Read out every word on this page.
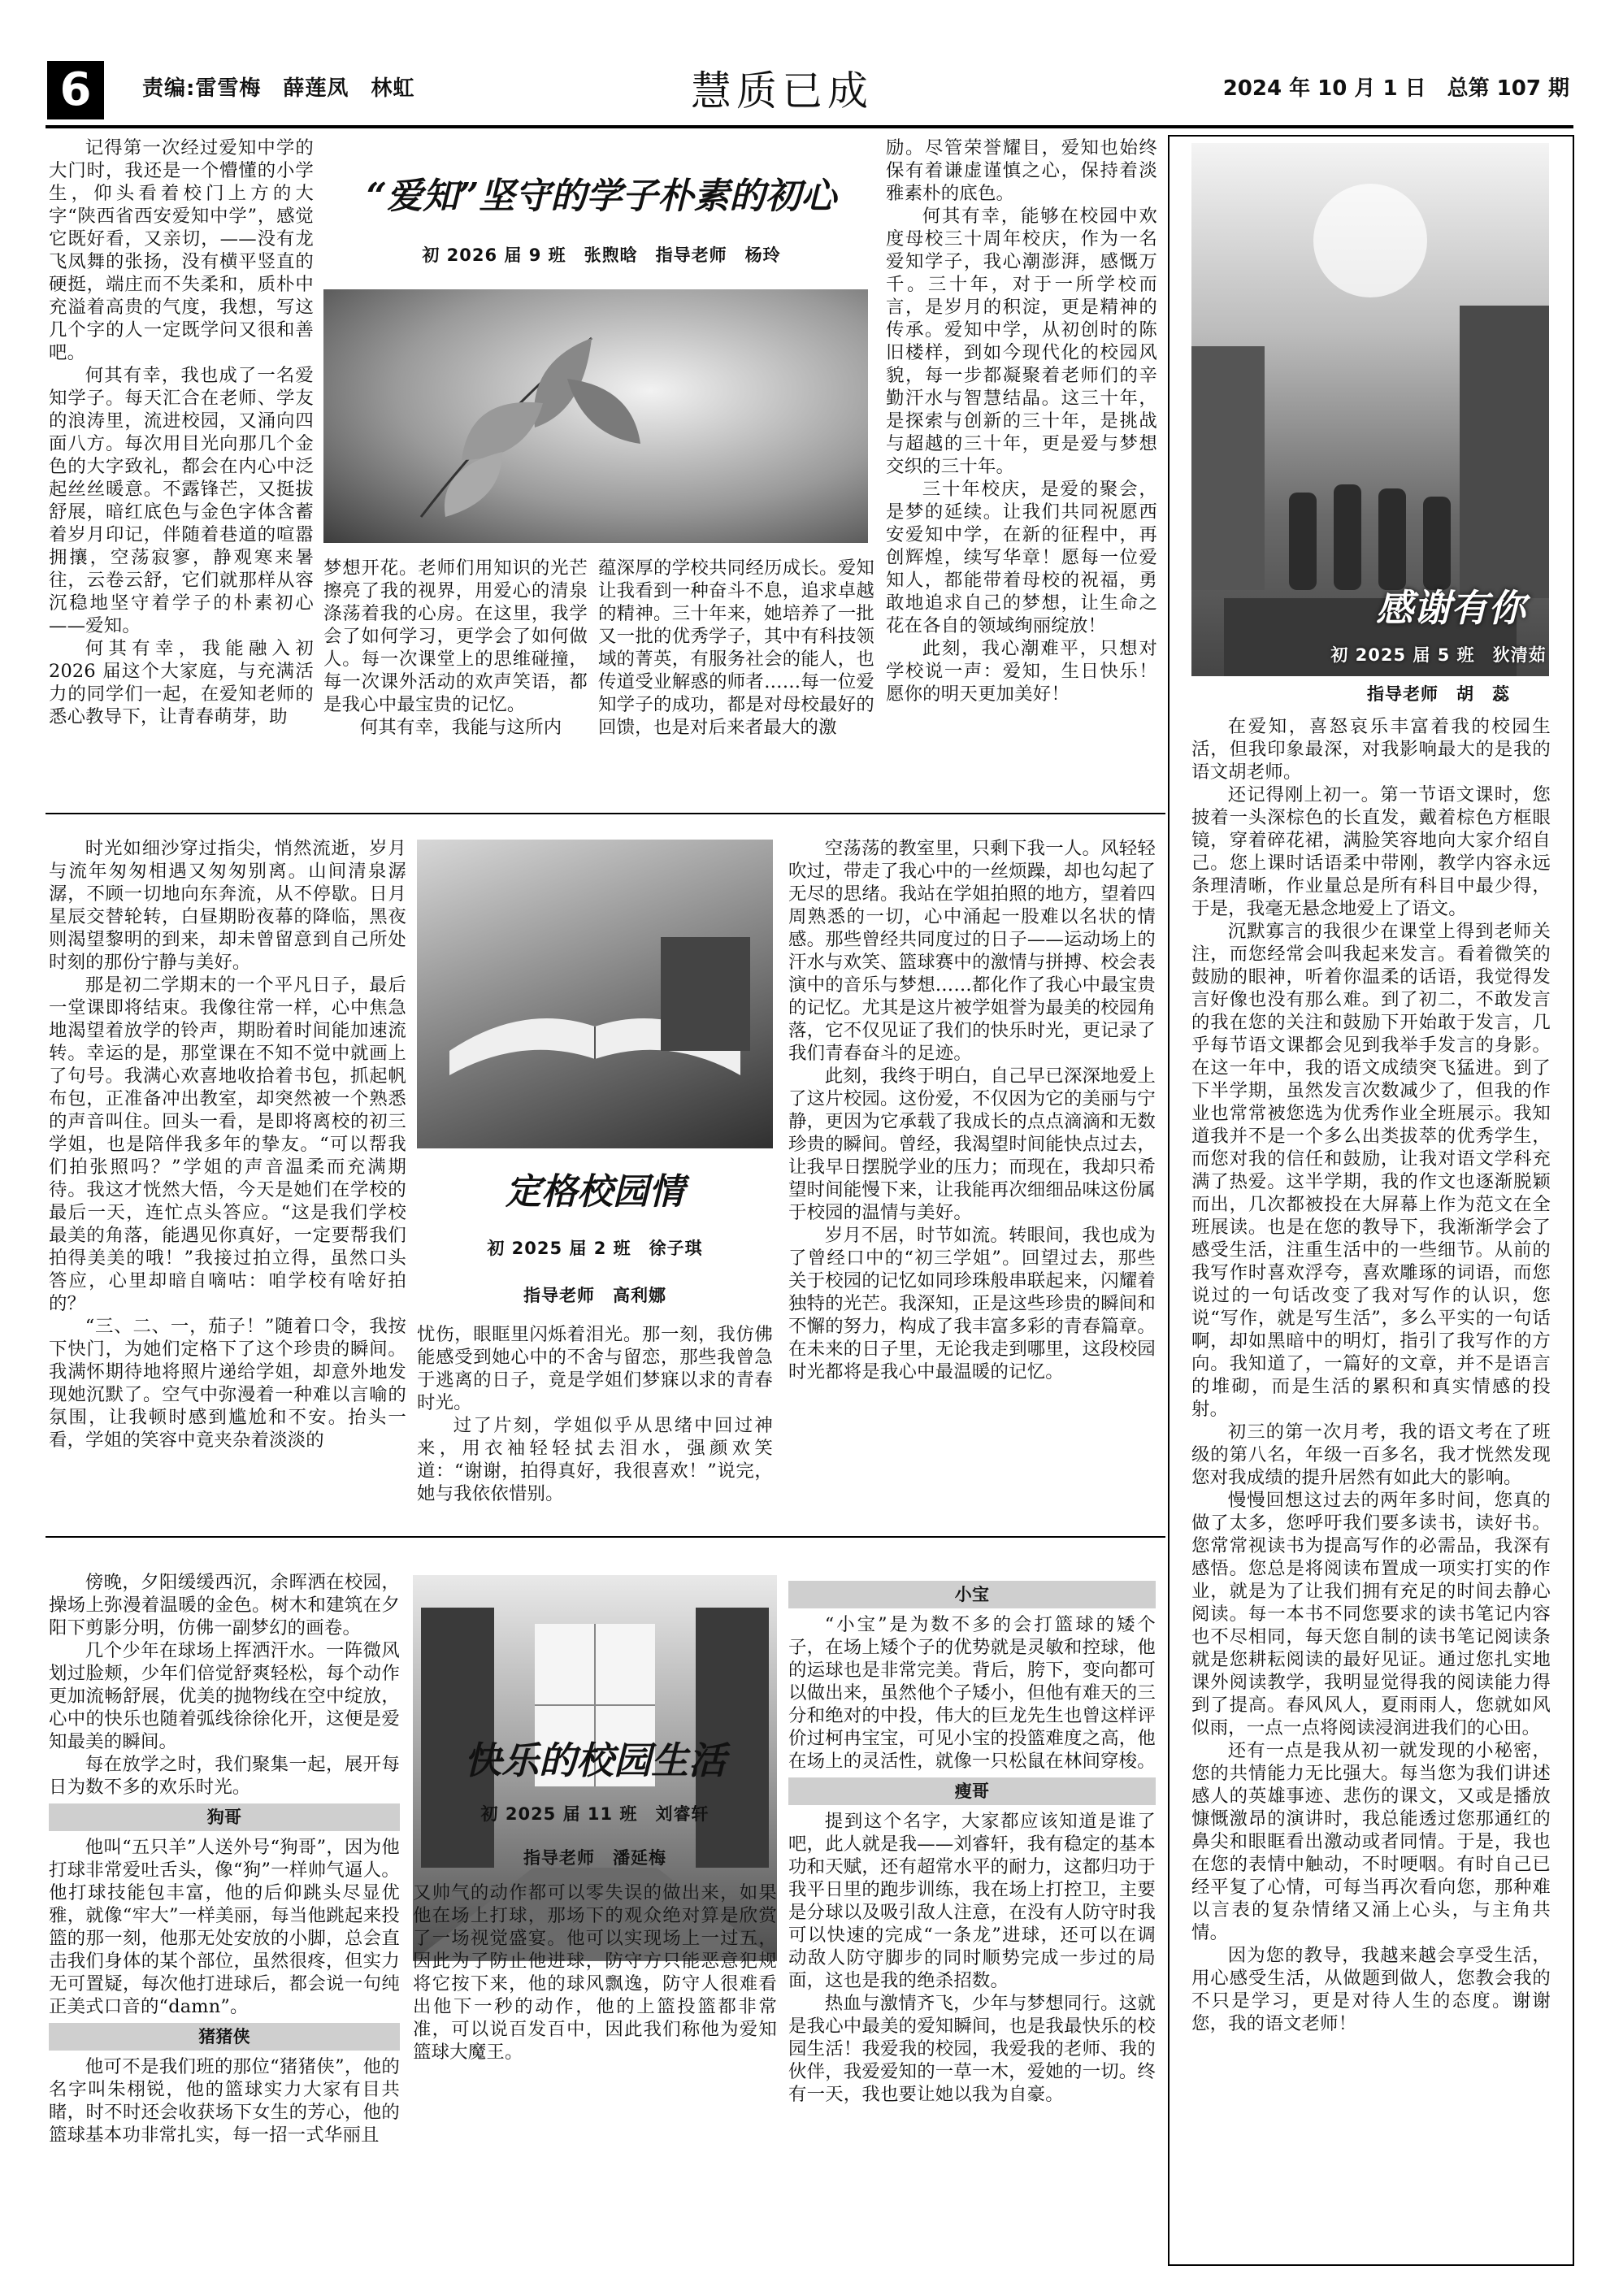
6	责编:雷雪梅　薛莲凤　林虹	慧质已成	2024 年 10 月 1 日　总第 107 期
“爱知”坚守的学子朴素的初心
初 2026 届 9 班　张煦晗　指导老师　杨玲

记得第一次经过爱知中学的大门时，我还是一个懵懂的小学生，仰头看着校门上方的大字“陕西省西安爱知中学”，感觉它既好看，又亲切，——没有龙飞凤舞的张扬，没有横平竖直的硬挺，端庄而不失柔和，质朴中充溢着高贵的气度，我想，写这几个字的人一定既学问又很和善吧。

何其有幸，我也成了一名爱知学子。每天汇合在老师、学友的浪涛里，流进校园，又涌向四面八方。每次用目光向那几个金色的大字致礼，都会在内心中泛起丝丝暖意。不露锋芒，又挺拔舒展，暗红底色与金色字体含蓄着岁月印记，伴随着巷道的喧嚣拥攘，空荡寂寥，静观寒来暑往，云卷云舒，它们就那样从容沉稳地坚守着学子的朴素初心——爱知。

何其有幸，我能融入初 2026 届这个大家庭，与充满活力的同学们一起，在爱知老师的悉心教导下，让青春萌芽，助

梦想开花。老师们用知识的光芒擦亮了我的视界，用爱心的清泉涤荡着我的心房。在这里，我学会了如何学习，更学会了如何做人。每一次课堂上的思维碰撞，每一次课外活动的欢声笑语，都是我心中最宝贵的记忆。

何其有幸，我能与这所内

蕴深厚的学校共同经历成长。爱知让我看到一种奋斗不息，追求卓越的精神。三十年来，她培养了一批又一批的优秀学子，其中有科技领域的菁英，有服务社会的能人，也传道受业解惑的师者……每一位爱知学子的成功，都是对母校最好的回馈，也是对后来者最大的激

励。尽管荣誉耀目，爱知也始终保有着谦虚谨慎之心，保持着淡雅素朴的底色。

何其有幸，能够在校园中欢度母校三十周年校庆，作为一名爱知学子，我心潮澎湃，感慨万千。三十年，对于一所学校而言，是岁月的积淀，更是精神的传承。爱知中学，从初创时的陈旧楼样，到如今现代化的校园风貌，每一步都凝聚着老师们的辛勤汗水与智慧结晶。这三十年，是探索与创新的三十年，是挑战与超越的三十年，更是爱与梦想交织的三十年。

三十年校庆，是爱的聚会，是梦的延续。让我们共同祝愿西安爱知中学，在新的征程中，再创辉煌，续写华章！愿每一位爱知人，都能带着母校的祝福，勇敢地追求自己的梦想，让生命之花在各自的领域绚丽绽放！

此刻，我心潮难平，只想对学校说一声：爱知，生日快乐！愿你的明天更加美好！

感谢有你
初 2025 届 5 班　狄清茹
指导老师　胡　蕊

在爱知，喜怒哀乐丰富着我的校园生活，但我印象最深，对我影响最大的是我的语文胡老师。

还记得刚上初一。第一节语文课时，您披着一头深棕色的长直发，戴着棕色方框眼镜，穿着碎花裙，满脸笑容地向大家介绍自己。您上课时话语柔中带刚，教学内容永远条理清晰，作业量总是所有科目中最少得，于是，我毫无悬念地爱上了语文。

沉默寡言的我很少在课堂上得到老师关注，而您经常会叫我起来发言。看着微笑的鼓励的眼神，听着你温柔的话语，我觉得发言好像也没有那么难。到了初二，不敢发言的我在您的关注和鼓励下开始敢于发言，几乎每节语文课都会见到我举手发言的身影。在这一年中，我的语文成绩突飞猛进。到了下半学期，虽然发言次数减少了，但我的作业也常常被您选为优秀作业全班展示。我知道我并不是一个多么出类拔萃的优秀学生，而您对我的信任和鼓励，让我对语文学科充满了热爱。这半学期，我的作文也逐渐脱颖而出，几次都被投在大屏幕上作为范文在全班展读。也是在您的教导下，我渐渐学会了感受生活，注重生活中的一些细节。从前的我写作时喜欢浮夸，喜欢雕琢的词语，而您说过的一句话改变了我对写作的认识，您说“写作，就是写生活”，多么平实的一句话啊，却如黑暗中的明灯，指引了我写作的方向。我知道了，一篇好的文章，并不是语言的堆砌，而是生活的累积和真实情感的投射。

初三的第一次月考，我的语文考在了班级的第八名，年级一百多名，我才恍然发现您对我成绩的提升居然有如此大的影响。

慢慢回想这过去的两年多时间，您真的做了太多，您呼吁我们要多读书，读好书。您常常视读书为提高写作的必需品，我深有感悟。您总是将阅读布置成一项实打实的作业，就是为了让我们拥有充足的时间去静心阅读。每一本书不同您要求的读书笔记内容也不尽相同，每天您自制的读书笔记阅读条就是您耕耘阅读的最好见证。通过您扎实地课外阅读教学，我明显觉得我的阅读能力得到了提高。春风风人，夏雨雨人，您就如风似雨，一点一点将阅读浸润进我们的心田。

还有一点是我从初一就发现的小秘密，您的共情能力无比强大。每当您为我们讲述感人的英雄事迹、悲伤的课文，又或是播放慷慨激昂的演讲时，我总能透过您那通红的鼻尖和眼眶看出激动或者同情。于是，我也在您的表情中触动，不时哽咽。有时自己已经平复了心情，可每当再次看向您，那种难以言表的复杂情绪又涌上心头，与主角共情。

因为您的教导，我越来越会享受生活，用心感受生活，从做题到做人，您教会我的不只是学习，更是对待人生的态度。谢谢您，我的语文老师！

时光如细沙穿过指尖，悄然流逝，岁月与流年匆匆相遇又匆匆别离。山间清泉潺潺，不顾一切地向东奔流，从不停歇。日月星辰交替轮转，白昼期盼夜幕的降临，黑夜则渴望黎明的到来，却未曾留意到自己所处时刻的那份宁静与美好。

那是初二学期末的一个平凡日子，最后一堂课即将结束。我像往常一样，心中焦急地渴望着放学的铃声，期盼着时间能加速流转。幸运的是，那堂课在不知不觉中就画上了句号。我满心欢喜地收拾着书包，抓起帆布包，正准备冲出教室，却突然被一个熟悉的声音叫住。回头一看，是即将离校的初三学姐，也是陪伴我多年的挚友。“可以帮我们拍张照吗？”学姐的声音温柔而充满期待。我这才恍然大悟，今天是她们在学校的最后一天，连忙点头答应。“这是我们学校最美的角落，能遇见你真好，一定要帮我们拍得美美的哦！”我接过拍立得，虽然口头答应，心里却暗自嘀咕：咱学校有啥好拍的？

“三、二、一，茄子！”随着口令，我按下快门，为她们定格下了这个珍贵的瞬间。我满怀期待地将照片递给学姐，却意外地发现她沉默了。空气中弥漫着一种难以言喻的氛围，让我顿时感到尴尬和不安。抬头一看，学姐的笑容中竟夹杂着淡淡的

定格校园情
初 2025 届 2 班　徐子琪
指导老师　高利娜

忧伤，眼眶里闪烁着泪光。那一刻，我仿佛能感受到她心中的不舍与留恋，那些我曾急于逃离的日子，竟是学姐们梦寐以求的青春时光。

过了片刻，学姐似乎从思绪中回过神来，用衣袖轻轻拭去泪水，强颜欢笑道：“谢谢，拍得真好，我很喜欢！”说完，她与我依依惜别。

空荡荡的教室里，只剩下我一人。风轻轻吹过，带走了我心中的一丝烦躁，却也勾起了无尽的思绪。我站在学姐拍照的地方，望着四周熟悉的一切，心中涌起一股难以名状的情感。那些曾经共同度过的日子——运动场上的汗水与欢笑、篮球赛中的激情与拼搏、校会表演中的音乐与梦想……都化作了我心中最宝贵的记忆。尤其是这片被学姐誉为最美的校园角落，它不仅见证了我们的快乐时光，更记录了我们青春奋斗的足迹。

此刻，我终于明白，自己早已深深地爱上了这片校园。这份爱，不仅因为它的美丽与宁静，更因为它承载了我成长的点点滴滴和无数珍贵的瞬间。曾经，我渴望时间能快点过去，让我早日摆脱学业的压力；而现在，我却只希望时间能慢下来，让我能再次细细品味这份属于校园的温情与美好。

岁月不居，时节如流。转眼间，我也成为了曾经口中的“初三学姐”。回望过去，那些关于校园的记忆如同珍珠般串联起来，闪耀着独特的光芒。我深知，正是这些珍贵的瞬间和不懈的努力，构成了我丰富多彩的青春篇章。在未来的日子里，无论我走到哪里，这段校园时光都将是我心中最温暖的记忆。

傍晚，夕阳缓缓西沉，余晖洒在校园，操场上弥漫着温暖的金色。树木和建筑在夕阳下剪影分明，仿佛一副梦幻的画卷。

几个少年在球场上挥洒汗水。一阵微风划过脸颊，少年们倍觉舒爽轻松，每个动作更加流畅舒展，优美的抛物线在空中绽放，心中的快乐也随着弧线徐徐化开，这便是爱知最美的瞬间。

每在放学之时，我们聚集一起，展开每日为数不多的欢乐时光。

狗哥

他叫“五只羊”人送外号“狗哥”，因为他打球非常爱吐舌头，像“狗”一样帅气逼人。他打球技能包丰富，他的后仰跳头尽显优雅，就像“牢大”一样美丽，每当他跳起来投篮的那一刻，他那无处安放的小脚，总会直击我们身体的某个部位，虽然很疼，但实力无可置疑，每次他打进球后，都会说一句纯正美式口音的“damn”。

猪猪侠

他可不是我们班的那位“猪猪侠”，他的名字叫朱栩锐，他的篮球实力大家有目共睹，时不时还会收获场下女生的芳心，他的篮球基本功非常扎实，每一招一式华丽且

快乐的校园生活
初 2025 届 11 班　刘睿轩
指导老师　潘延梅

又帅气的动作都可以零失误的做出来，如果他在场上打球，那场下的观众绝对算是欣赏了一场视觉盛宴。他可以实现场上一过五，因此为了防止他进球，防守方只能恶意犯规将它按下来，他的球风飘逸，防守人很难看出他下一秒的动作，他的上篮投篮都非常准，可以说百发百中，因此我们称他为爱知篮球大魔王。

小宝

“小宝”是为数不多的会打篮球的矮个子，在场上矮个子的优势就是灵敏和控球，他的运球也是非常完美。背后，胯下，变向都可以做出来，虽然他个子矮小，但他有难天的三分和绝对的中投，伟大的巨龙先生也曾这样评价过柯冉宝宝，可见小宝的投篮难度之高，他在场上的灵活性，就像一只松鼠在林间穿梭。

瘦哥

提到这个名字，大家都应该知道是谁了吧，此人就是我——刘睿轩，我有稳定的基本功和天赋，还有超常水平的耐力，这都归功于我平日里的跑步训练，我在场上打控卫，主要是分球以及吸引敌人注意，在没有人防守时我可以快速的完成“一条龙”进球，还可以在调动敌人防守脚步的同时顺势完成一步过的局面，这也是我的绝杀招数。

热血与激情齐飞，少年与梦想同行。这就是我心中最美的爱知瞬间，也是我最快乐的校园生活！我爱我的校园，我爱我的老师、我的伙伴，我爱爱知的一草一木，爱她的一切。终有一天，我也要让她以我为自豪。
